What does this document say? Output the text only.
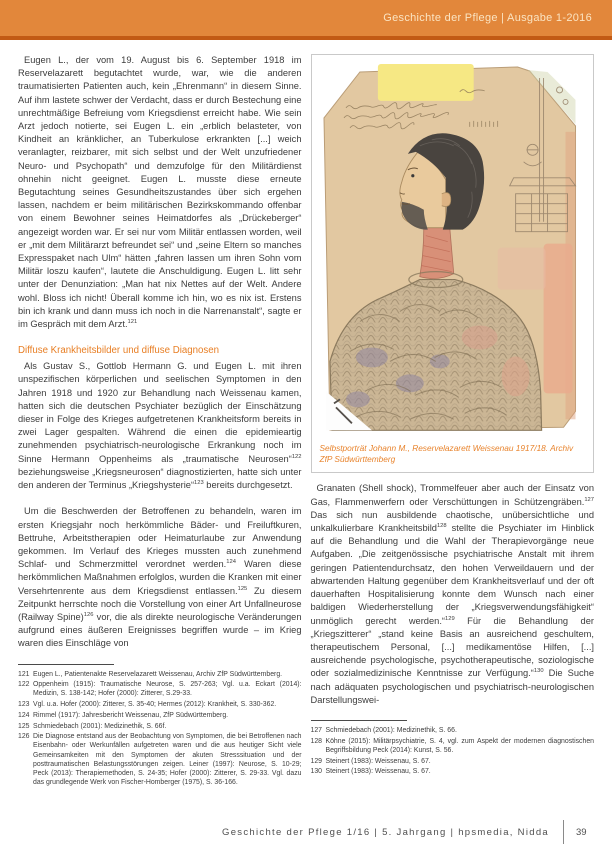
Geschichte der Pflege | Ausgabe 1-2016

Eugen L., der vom 19. August bis 6. September 1918 im Reservelazarett begutachtet wurde, war, wie die anderen traumatisierten Patienten auch, kein „Ehrenmann“ in diesem Sinne. Auf ihm lastete schwer der Verdacht, dass er durch Bestechung eine unrechtmäßige Befreiung vom Kriegsdienst erreicht habe. Wie sein Arzt jedoch notierte, sei Eugen L. ein „erblich belasteter, von Kindheit an kränklicher, an Tuberkulose erkrankten [...] weich veranlagter, reizbarer, mit sich selbst und der Welt unzufriedener Neuro- und Psychopath“ und demzufolge für den Militärdienst ohnehin nicht geeignet. Eugen L. musste diese erneute Begutachtung seines Gesundheitszustandes über sich ergehen lassen, nachdem er beim militärischen Bezirkskommando offenbar von einem Bewohner seines Heimatdorfes als „Drückeberger“ angezeigt worden war. Er sei nur vom Militär entlassen worden, weil er „mit dem Militärarzt befreundet sei“ und „seine Eltern so manches Expresspaket nach Ulm“ hätten „fahren lassen um ihren Sohn vom Militär loszu kaufen“, lautete die Anschuldigung. Eugen L. litt sehr unter der Denunziation: „Man hat nix Nettes auf der Welt. Andere wohl. Bloss ich nicht! Überall komme ich hin, wo es nix ist. Erstens bin ich krank und dann muss ich noch in die Narrenanstalt“, sagte er im Gespräch mit dem Arzt.$^{121}$

Diffuse Krankheitsbilder und diffuse Diagnosen

Als Gustav S., Gottlob Hermann G. und Eugen L. mit ihren unspezifischen körperlichen und seelischen Symptomen in den Jahren 1918 und 1920 zur Behandlung nach Weissenau kamen, hatten sich die deutschen Psychiater bezüglich der Einschätzung dieser in Folge des Krieges aufgetretenen Krankheitsform bereits in zwei Lager gespalten. Während die einen die epidemieartig zunehmenden psychiatrisch-neurologische Erkrankung noch im Sinne Hermann Oppenheims als „traumatische Neurosen“$^{122}$ beziehungsweise „Kriegsneurosen“ diagnostizierten, hatte sich unter den anderen der Terminus „Kriegshysterie“$^{123}$ bereits durchgesetzt.

Um die Beschwerden der Betroffenen zu behandeln, waren im ersten Kriegsjahr noch herkömmliche Bäder- und Freiluftkuren, Bettruhe, Arbeitstherapien oder Heimaturlaube zur Anwendung gekommen. Im Verlauf des Krieges mussten auch zunehmend Schlaf- und Schmerzmittel verordnet werden.$^{124}$ Waren diese herkömmlichen Maßnahmen erfolglos, wurden die Kranken mit einer Versehrtenrente aus dem Kriegsdienst entlassen.$^{125}$ Zu diesem Zeitpunkt herrschte noch die Vorstellung von einer Art Unfallneurose (Railway Spine)$^{126}$ vor, die als direkte neurologische Veränderungen aufgrund eines äußeren Ereignisses begriffen wurde – im Krieg waren dies Einschläge von

121 Eugen L., Patientenakte Reservelazarett Weissenau, Archiv ZfP Südwürttemberg.
122 Oppenheim (1915): Traumatische Neurose, S. 257-263; Vgl. u.a. Eckart (2014): Medizin, S. 138-142; Hofer (2000): Zitterer, S.29-33.
123 Vgl. u.a. Hofer (2000): Zitterer, S. 35-40; Hermes (2012): Krankheit, S. 330-362.
124 Rimmel (1917): Jahresbericht Weissenau, ZfP Südwürttemberg.
125 Schmiedebach (2001): Medizinethik, S. 66f.
126 Die Diagnose entstand aus der Beobachtung von Symptomen, die bei Betroffenen nach Eisenbahn- oder Werkunfällen aufgetreten waren und die aus heutiger Sicht viele Gemeinsamkeiten mit den Symptomen der akuten Stresssituation und der posttraumatischen Belastungsstörungen zeigen. Leiner (1997): Neurose, S. 10-29; Peck (2013): Therapiemethoden, S. 24-35; Hofer (2000): Zitterer, S. 29-33. Vgl. dazu das grundlegende Werk von Fischer-Homberger (1975), S. 36-166.
Selbstporträt Johann M., Reservelazarett Weissenau 1917/18. Archiv ZfP Südwürttemberg

Granaten (Shell shock), Trommelfeuer aber auch der Einsatz von Gas, Flammenwerfern oder Verschüttungen in Schützengräben.$^{127}$ Das sich nun ausbildende chaotische, unübersichtliche und unkalkulierbare Krankheitsbild$^{128}$ stellte die Psychiater im Hinblick auf die Behandlung und die Wahl der Therapievorgänge neue Aufgaben. „Die zeitgenössische psychiatrische Anstalt mit ihrem geringen Patientendurchsatz, den hohen Verweildauern und der abwartenden Haltung gegenüber dem Krankheitsverlauf und der oft dauerhaften Hospitalisierung konnte dem Wunsch nach einer baldigen Wiederherstellung der „Kriegsverwendungsfähigkeit“ unmöglich gerecht werden.“$^{129}$ Für die Behandlung der „Kriegszitterer“ „stand keine Basis an ausreichend geschultem, therapeutischem Personal, [...] medikamentöse Hilfen, [...] ausreichende psychologische, psychotherapeutische, soziologische oder sozialmedizinische Kenntnisse zur Verfügung.“$^{130}$ Die Suche nach adäquaten psychologischen und psychiatrisch-neurologischen Darstellungswei-

127 Schmiedebach (2001): Medizinethik, S. 66.
128 Köhne (2015): Militärpsychiatrie, S. 4, vgl. zum Aspekt der modernen diagnostischen Begriffsbildung Peck (2014): Kunst, S. 56.
129 Steinert (1983): Weissenau, S. 67.
130 Steinert (1983): Weissenau, S. 67.
Geschichte der Pflege 1/16 | 5. Jahrgang | hpsmedia, Nidda	39
